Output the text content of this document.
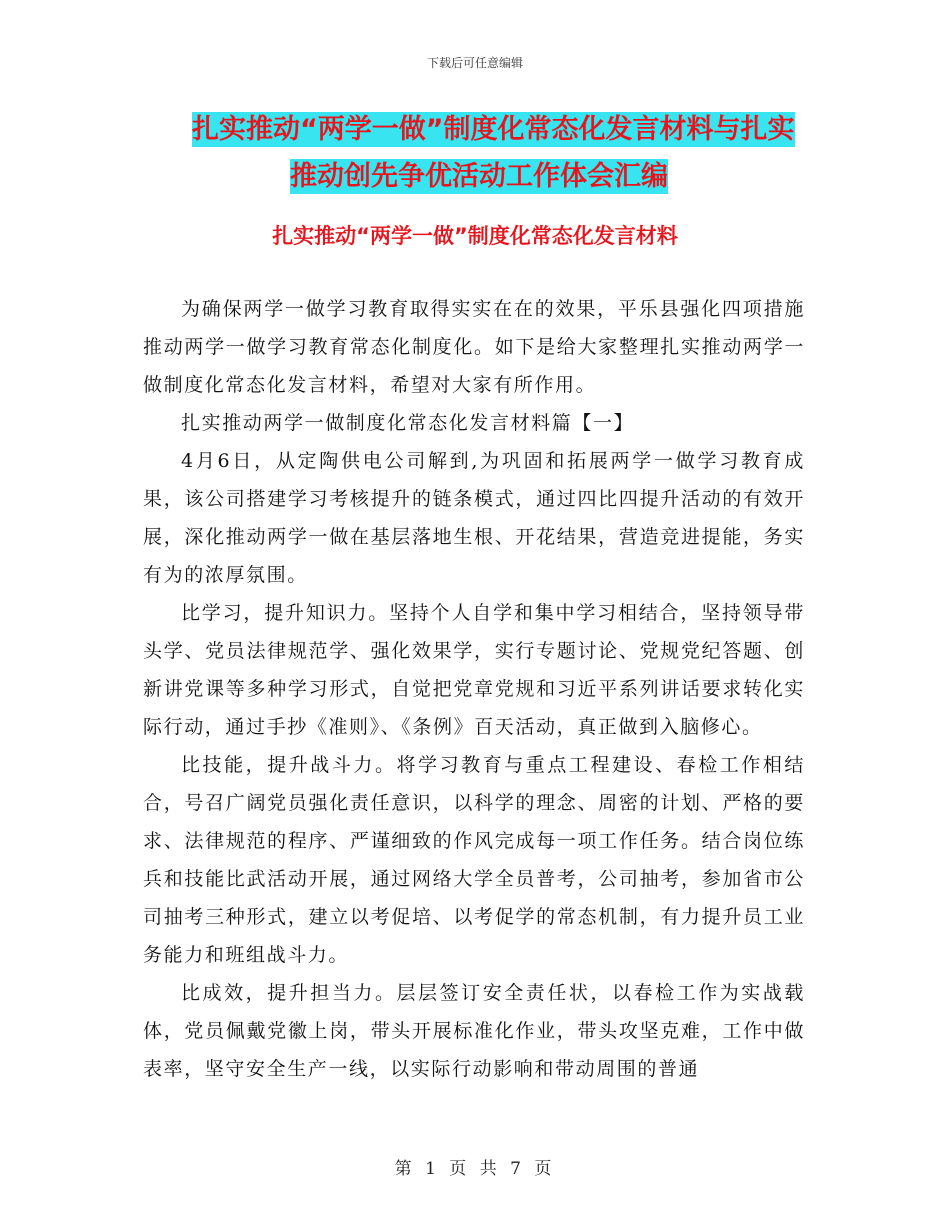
下载后可任意编辑
扎实推动“两学一做”制度化常态化发言材料与扎实
推动创先争优活动工作体会汇编
扎实推动“两学一做”制度化常态化发言材料

为确保两学一做学习教育取得实实在在的效果，平乐县强化四项措施推动两学一做学习教育常态化制度化。如下是给大家整理扎实推动两学一做制度化常态化发言材料，希望对大家有所作用。

扎实推动两学一做制度化常态化发言材料篇【一】

4月6日，从定陶供电公司解到,为巩固和拓展两学一做学习教育成果，该公司搭建学习考核提升的链条模式，通过四比四提升活动的有效开展，深化推动两学一做在基层落地生根、开花结果，营造竞进提能，务实有为的浓厚氛围。

比学习，提升知识力。坚持个人自学和集中学习相结合，坚持领导带头学、党员法律规范学、强化效果学，实行专题讨论、党规党纪答题、创新讲党课等多种学习形式，自觉把党章党规和习近平系列讲话要求转化实际行动，通过手抄《准则》、《条例》百天活动，真正做到入脑修心。

比技能，提升战斗力。将学习教育与重点工程建设、春检工作相结合，号召广阔党员强化责任意识，以科学的理念、周密的计划、严格的要求、法律规范的程序、严谨细致的作风完成每一项工作任务。结合岗位练兵和技能比武活动开展，通过网络大学全员普考，公司抽考，参加省市公司抽考三种形式，建立以考促培、以考促学的常态机制，有力提升员工业务能力和班组战斗力。

比成效，提升担当力。层层签订安全责任状，以春检工作为实战载体，党员佩戴党徽上岗，带头开展标准化作业，带头攻坚克难，工作中做表率，坚守安全生产一线，以实际行动影响和带动周围的普通

第 1 页 共 7 页
